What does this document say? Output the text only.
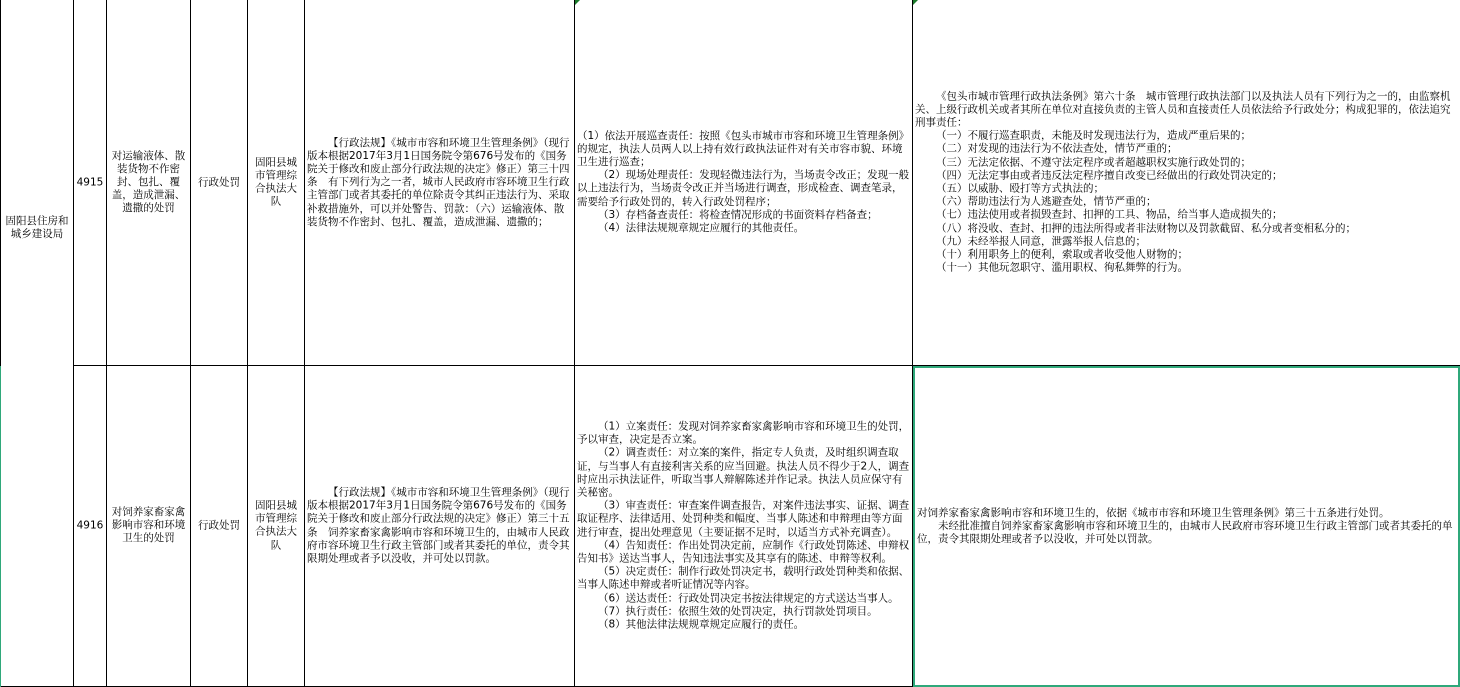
固阳县住房和城乡建设局
4915
对运输液体、散装货物不作密封、包扎、覆盖，造成泄漏、遗撒的处罚
行政处罚
固阳县城市管理综合执法大队

【行政法规】《城市市容和环境卫生管理条例》（现行版本根据2017年3月1日国务院令第676号发布的《国务院关于修改和废止部分行政法规的决定》修正）第三十四条　有下列行为之一者，城市人民政府市容环境卫生行政主管部门或者其委托的单位除责令其纠正违法行为、采取补救措施外，可以并处警告、罚款：（六）运输液体、散装货物不作密封、包扎、覆盖，造成泄漏、遗撒的；

（1）依法开展巡查责任：按照《包头市城市市容和环境卫生管理条例》的规定，执法人员两人以上持有效行政执法证件对有关市容市貌、环境卫生进行巡查；

（2）现场处理责任：发现轻微违法行为，当场责令改正；发现一般以上违法行为，当场责令改正并当场进行调查，形成检查、调查笔录，需要给予行政处罚的，转入行政处罚程序；

（3）存档备查责任：将检查情况形成的书面资料存档备查；

（4）法律法规规章规定应履行的其他责任。

《包头市城市管理行政执法条例》第六十条　城市管理行政执法部门以及执法人员有下列行为之一的，由监察机关、上级行政机关或者其所在单位对直接负责的主管人员和直接责任人员依法给予行政处分；构成犯罪的，依法追究刑事责任：

（一）不履行巡查职责，未能及时发现违法行为，造成严重后果的；

（二）对发现的违法行为不依法查处，情节严重的；

（三）无法定依据、不遵守法定程序或者超越职权实施行政处罚的；

（四）无法定事由或者违反法定程序擅自改变已经做出的行政处罚决定的；

（五）以威胁、殴打等方式执法的；

（六）帮助违法行为人逃避查处，情节严重的；

（七）违法使用或者损毁查封、扣押的工具、物品，给当事人造成损失的；

（八）将没收、查封、扣押的违法所得或者非法财物以及罚款截留、私分或者变相私分的；

（九）未经举报人同意，泄露举报人信息的；

（十）利用职务上的便利，索取或者收受他人财物的；

（十一）其他玩忽职守、滥用职权、徇私舞弊的行为。

4916
对饲养家畜家禽影响市容和环境卫生的处罚
行政处罚
固阳县城市管理综合执法大队

【行政法规】《城市市容和环境卫生管理条例》（现行版本根据2017年3月1日国务院令第676号发布的《国务院关于修改和废止部分行政法规的决定》修正）第三十五条　饲养家畜家禽影响市容和环境卫生的，由城市人民政府市容环境卫生行政主管部门或者其委托的单位，责令其限期处理或者予以没收，并可处以罚款。

（1）立案责任：发现对饲养家畜家禽影响市容和环境卫生的处罚，予以审查，决定是否立案。

（2）调查责任：对立案的案件，指定专人负责，及时组织调查取证，与当事人有直接利害关系的应当回避。执法人员不得少于2人，调查时应出示执法证件，听取当事人辩解陈述并作记录。执法人员应保守有关秘密。

（3）审查责任：审查案件调查报告，对案件违法事实、证据、调查取证程序、法律适用、处罚种类和幅度、当事人陈述和申辩理由等方面进行审查，提出处理意见（主要证据不足时，以适当方式补充调查）。

（4）告知责任：作出处罚决定前，应制作《行政处罚陈述、申辩权告知书》送达当事人，告知违法事实及其享有的陈述、申辩等权利。

（5）决定责任：制作行政处罚决定书，载明行政处罚种类和依据、当事人陈述申辩或者听证情况等内容。

（6）送达责任：行政处罚决定书按法律规定的方式送达当事人。

（7）执行责任：依照生效的处罚决定，执行罚款处罚项目。

（8）其他法律法规规章规定应履行的责任。

对饲养家畜家禽影响市容和环境卫生的，依据《城市市容和环境卫生管理条例》第三十五条进行处罚。

未经批准擅自饲养家畜家禽影响市容和环境卫生的，由城市人民政府市容环境卫生行政主管部门或者其委托的单位，责令其限期处理或者予以没收，并可处以罚款。
